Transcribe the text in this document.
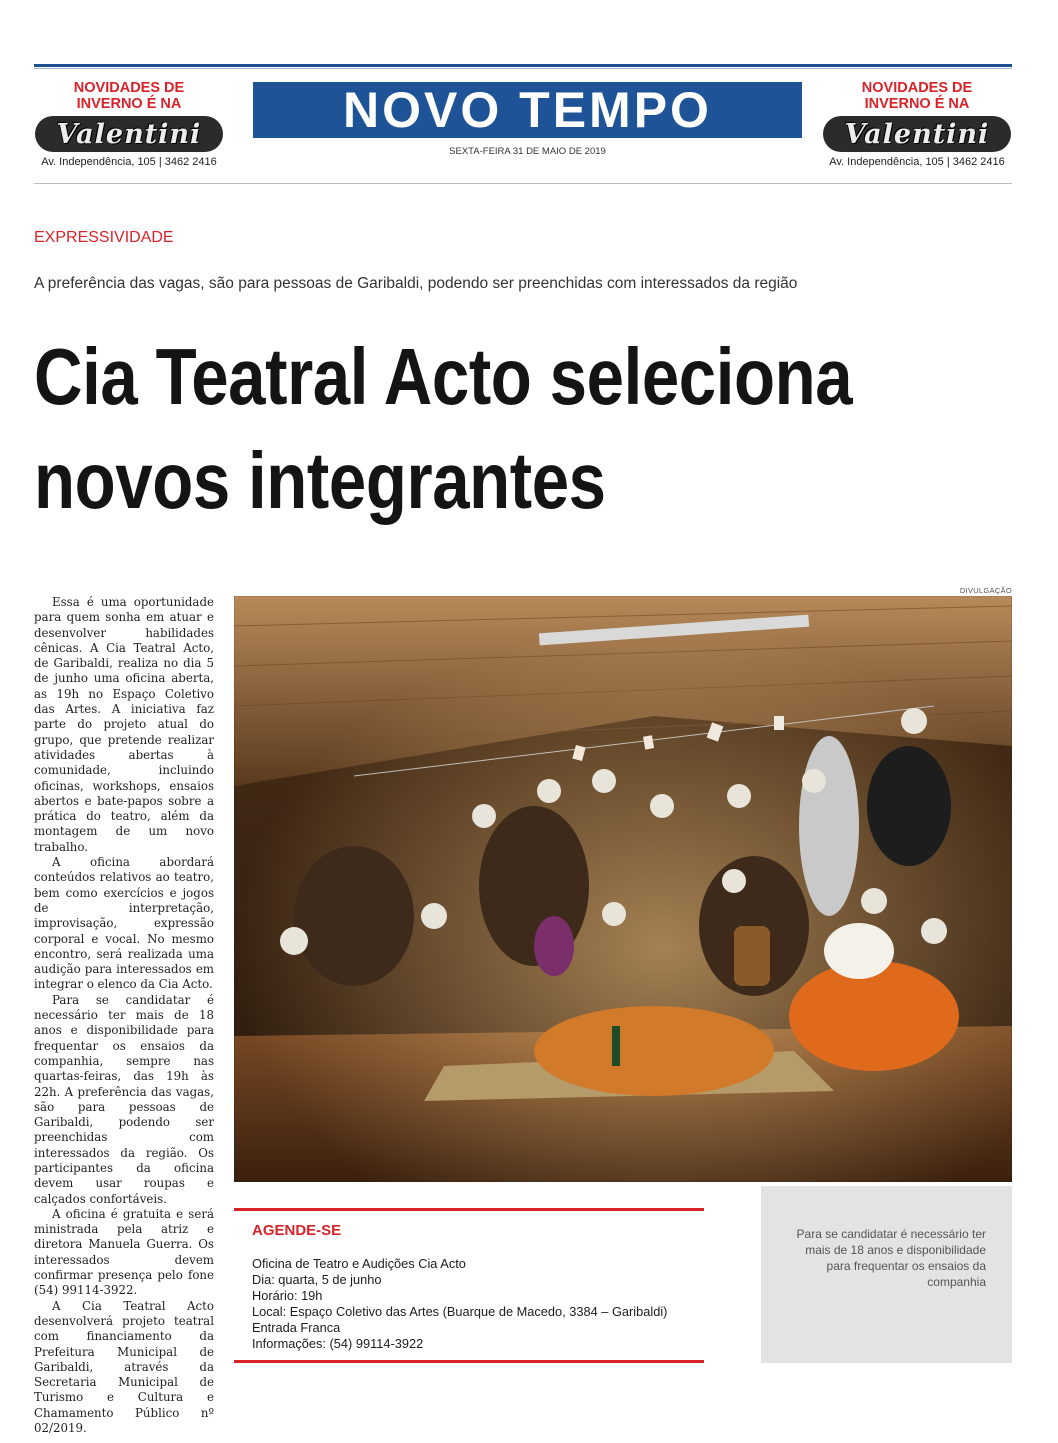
NOVIDADES DE
INVERNO É NA
Valentini
Av. Independência, 105 | 3462 2416
NOVO TEMPO
SEXTA-FEIRA 31 DE MAIO DE 2019
NOVIDADES DE
INVERNO É NA
Valentini
Av. Independência, 105 | 3462 2416
EXPRESSIVIDADE
A preferência das vagas, são para pessoas de Garibaldi, podendo ser preenchidas com interessados da região
Cia Teatral Acto seleciona
novos integrantes

Essa é uma oportunidade para quem sonha em atuar e desenvolver habilidades cênicas. A Cia Teatral Acto, de Garibaldi, realiza no dia 5 de junho uma oficina aberta, as 19h no Espaço Coletivo das Artes. A iniciativa faz parte do projeto atual do grupo, que pretende realizar atividades abertas à comunidade, incluindo oficinas, workshops, ensaios abertos e bate-papos sobre a prática do teatro, além da montagem de um novo trabalho.

A oficina abordará conteúdos relativos ao teatro, bem como exercícios e jogos de interpretação, improvisação, expressão corporal e vocal. No mesmo encontro, será realizada uma audição para interessados em integrar o elenco da Cia Acto.

Para se candidatar é necessário ter mais de 18 anos e disponibilidade para frequentar os ensaios da companhia, sempre nas quartas-feiras, das 19h às 22h. A preferência das vagas, são para pessoas de Garibaldi, podendo ser preenchidas com interessados da região. Os participantes da oficina devem usar roupas e calçados confortáveis.

A oficina é gratuita e será ministrada pela atriz e diretora Manuela Guerra. Os interessados devem confirmar presença pelo fone (54) 99114-3922.

A Cia Teatral Acto desenvolverá projeto teatral com financiamento da Prefeitura Municipal de Garibaldi, através da Secretaria Municipal de Turismo e Cultura e Chamamento Público nº 02/2019.

DIVULGAÇÃO
AGENDE-SE
Oficina de Teatro e Audições Cia Acto
Dia: quarta, 5 de junho
Horário: 19h
Local: Espaço Coletivo das Artes (Buarque de Macedo, 3384 – Garibaldi)
Entrada Franca
Informações: (54) 99114-3922
Para se candidatar é necessário ter mais de 18 anos e disponibilidade para frequentar os ensaios da companhia
